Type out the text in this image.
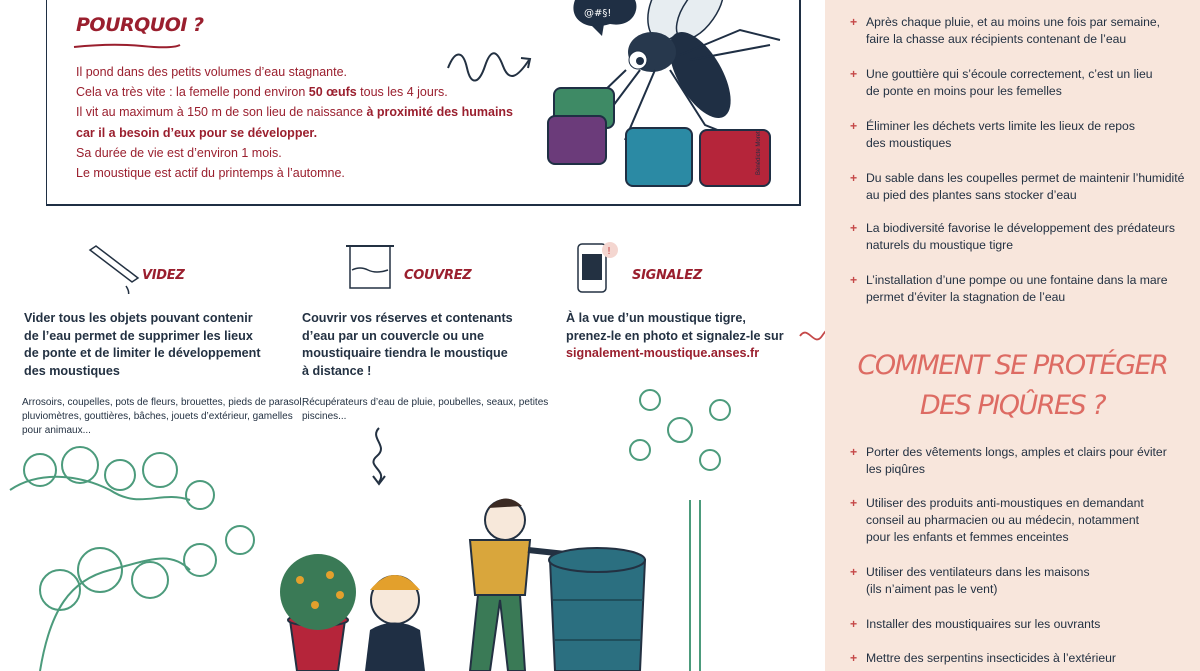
POURQUOI ?
Il pond dans des petits volumes d’eau stagnante.
Cela va très vite : la femelle pond environ 50 œufs tous les 4 jours.
Il vit au maximum à 150 m de son lieu de naissance à proximité des humains
car il a besoin d’eux pour se développer.
Sa durée de vie est d’environ 1 mois.
Le moustique est actif du printemps à l’automne.
@#§!
Bénédicte Moret
VIDEZ
Vider tous les objets pouvant contenir
de l’eau permet de supprimer les lieux
de ponte et de limiter le développement
des moustiques
Arrosoirs, coupelles, pots de fleurs, brouettes, pieds de parasol,
pluviomètres, gouttières, bâches, jouets d’extérieur, gamelles
pour animaux...
COUVREZ
Couvrir vos réserves et contenants
d’eau par un couvercle ou une
moustiquaire tiendra le moustique
à distance !
Récupérateurs d’eau de pluie, poubelles, seaux, petites
piscines...
!
SIGNALEZ
À la vue d’un moustique tigre,
prenez-le en photo et signalez-le sur
signalement-moustique.anses.fr
+ Après chaque pluie, et au moins une fois par semaine,
faire la chasse aux récipients contenant de l’eau
+ Une gouttière qui s’écoule correctement, c’est un lieu
de ponte en moins pour les femelles
+ Éliminer les déchets verts limite les lieux de repos
des moustiques
+ Du sable dans les coupelles permet de maintenir l’humidité
au pied des plantes sans stocker d’eau
+ La biodiversité favorise le développement des prédateurs
naturels du moustique tigre
+ L’installation d’une pompe ou une fontaine dans la mare
permet d’éviter la stagnation de l’eau
COMMENT SE PROTÉGER
DES PIQÛRES ?
+ Porter des vêtements longs, amples et clairs pour éviter
les piqûres
+ Utiliser des produits anti-moustiques en demandant
conseil au pharmacien ou au médecin, notamment
pour les enfants et femmes enceintes
+ Utiliser des ventilateurs dans les maisons
(ils n’aiment pas le vent)
+ Installer des moustiquaires sur les ouvrants
+ Mettre des serpentins insecticides à l’extérieur
